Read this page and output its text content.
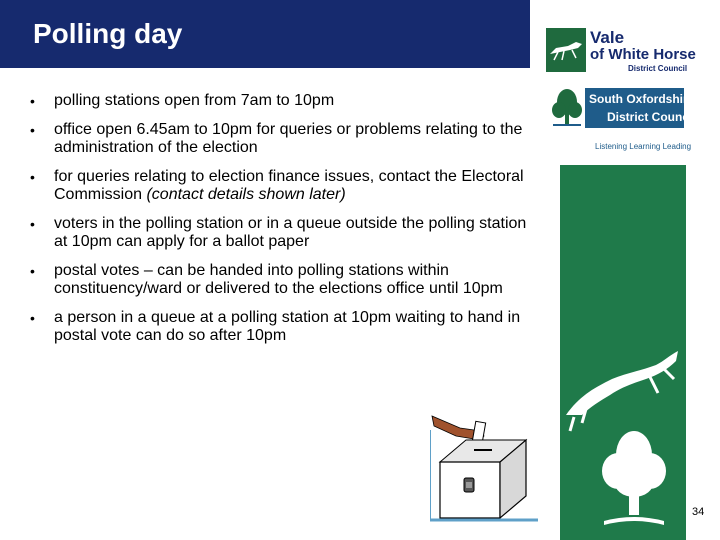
Polling day
• polling stations open from 7am to 10pm
• office open 6.45am to 10pm for queries or problems relating to the administration of the election
• for queries relating to election finance issues, contact the Electoral Commission (contact details shown later)
• voters in the polling station or in a queue outside the polling station at 10pm can apply for a ballot paper
• postal votes – can be handed into polling stations within constituency/ward or delivered to the elections office until 10pm
• a person in a queue at a polling station at 10pm waiting to hand in postal vote can do so after 10pm
Vale
of White Horse
District Council
South Oxfordshire
District Council
Listening Learning Leading
34
